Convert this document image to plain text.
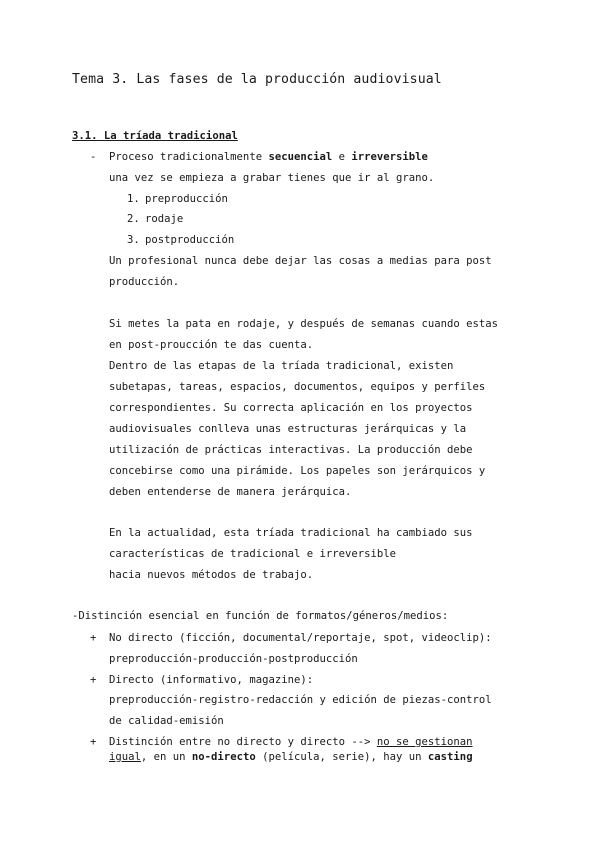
Tema 3. Las fases de la producción audiovisual
3.1. La tríada tradicional
- Proceso tradicionalmente secuencial e irreversible
una vez se empieza a grabar tienes que ir al grano.
1. preproducción
2. rodaje
3. postproducción
Un profesional nunca debe dejar las cosas a medias para post
producción.
Si metes la pata en rodaje, y después de semanas cuando estas
en post-proucción te das cuenta.
Dentro de las etapas de la tríada tradicional, existen
subetapas, tareas, espacios, documentos, equipos y perfiles
correspondientes. Su correcta aplicación en los proyectos
audiovisuales conlleva unas estructuras jerárquicas y la
utilización de prácticas interactivas. La producción debe
concebirse como una pirámide. Los papeles son jerárquicos y
deben entenderse de manera jerárquica.
En la actualidad, esta tríada tradicional ha cambiado sus
características de tradicional e irreversible
hacia nuevos métodos de trabajo.
-Distinción esencial en función de formatos/géneros/medios:
+ No directo (ficción, documental/reportaje, spot, videoclip):
preproducción-producción-postproducción
+ Directo (informativo, magazine):
preproducción-registro-redacción y edición de piezas-control
de calidad-emisión
+ Distinción entre no directo y directo --> no se gestionan
igual, en un no-directo (película, serie), hay un casting
